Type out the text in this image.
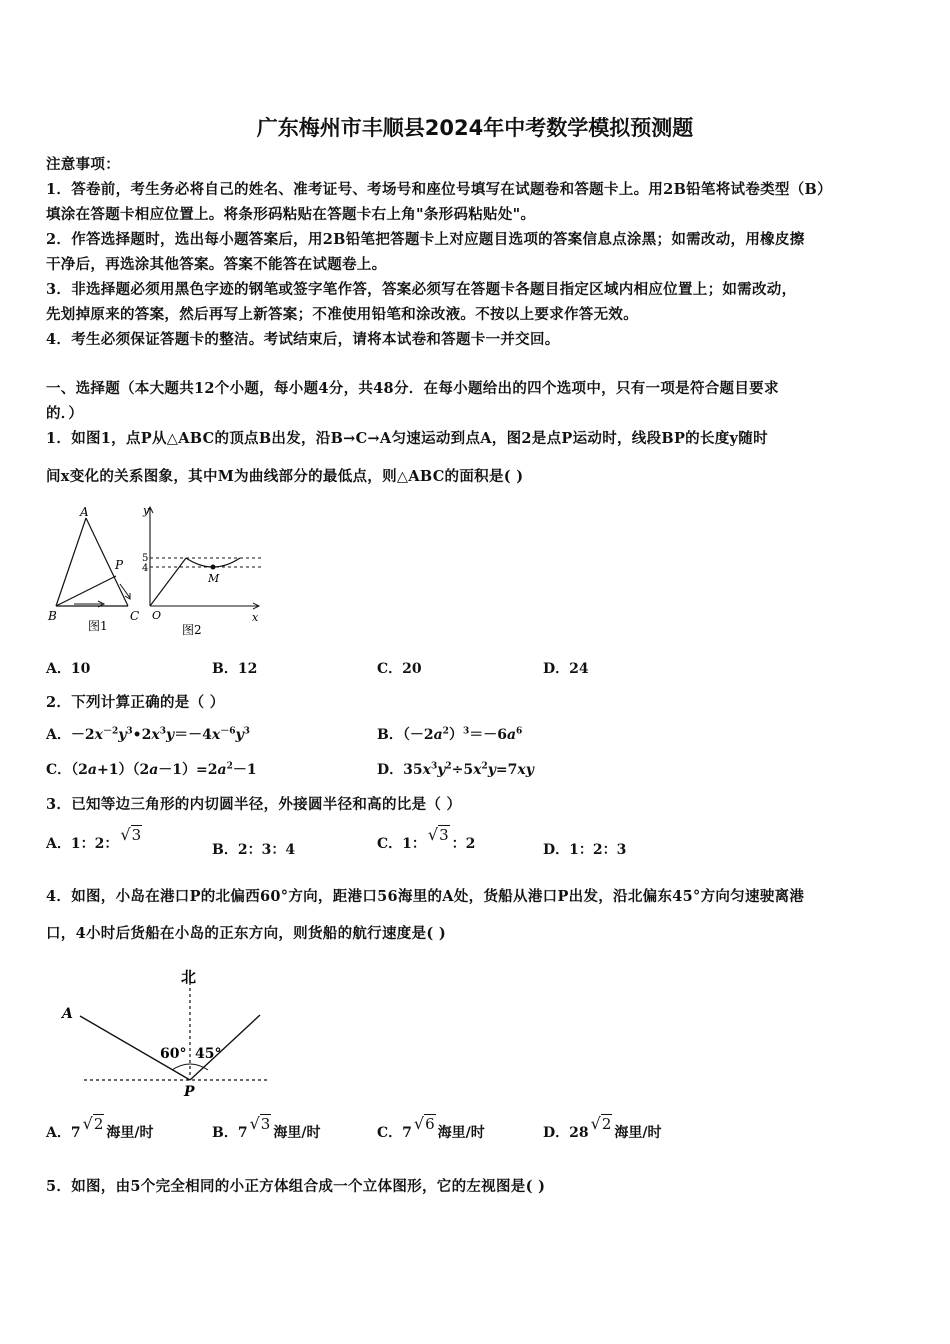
广东梅州市丰顺县2024年中考数学模拟预测题
注意事项：
1．答卷前，考生务必将自己的姓名、准考证号、考场号和座位号填写在试题卷和答题卡上。用2B铅笔将试卷类型（B）
填涂在答题卡相应位置上。将条形码粘贴在答题卡右上角"条形码粘贴处"。
2．作答选择题时，选出每小题答案后，用2B铅笔把答题卡上对应题目选项的答案信息点涂黑；如需改动，用橡皮擦
干净后，再选涂其他答案。答案不能答在试题卷上。
3．非选择题必须用黑色字迹的钢笔或签字笔作答，答案必须写在答题卡各题目指定区域内相应位置上；如需改动，
先划掉原来的答案，然后再写上新答案；不准使用铅笔和涂改液。不按以上要求作答无效。
4．考生必须保证答题卡的整洁。考试结束后，请将本试卷和答题卡一并交回。
一、选择题（本大题共12个小题，每小题4分，共48分．在每小题给出的四个选项中，只有一项是符合题目要求
的．）
1．如图1，点P从△ABC的顶点B出发，沿B→C→A匀速运动到点A，图2是点P运动时，线段BP的长度y随时
间x变化的关系图象，其中M为曲线部分的最低点，则△ABC的面积是( )
A
B	C
P
图1
y
x
O
5
4
M
图2
A．10	B．12	C．20	D．24
2．下列计算正确的是（ ）
A．$-2x^{-2}y^3•2x^3y=-4x^{-6}y^3$	B．$(-2a^2)^3=-6a^6$
C．$(2a+1)(2a-1)=2a^2-1$	D．$35x^3y^2\div 5x^2y=7xy$
3．已知等边三角形的内切圆半径，外接圆半径和高的比是（ ）
A．1：2： √3
B．2：3：4	C．1： √3 ：2	D．1：2：3
4．如图，小岛在港口P的北偏西60°方向，距港口56海里的A处，货船从港口P出发，沿北偏东45°方向匀速驶离港
口，4小时后货船在小岛的正东方向，则货船的航行速度是( )
北
A
P
60° 45°
A．7 √2 海里/时	B．7 √3 海里/时	C．7 √6 海里/时	D．28 √2 海里/时
5．如图，由5个完全相同的小正方体组合成一个立体图形，它的左视图是( )
